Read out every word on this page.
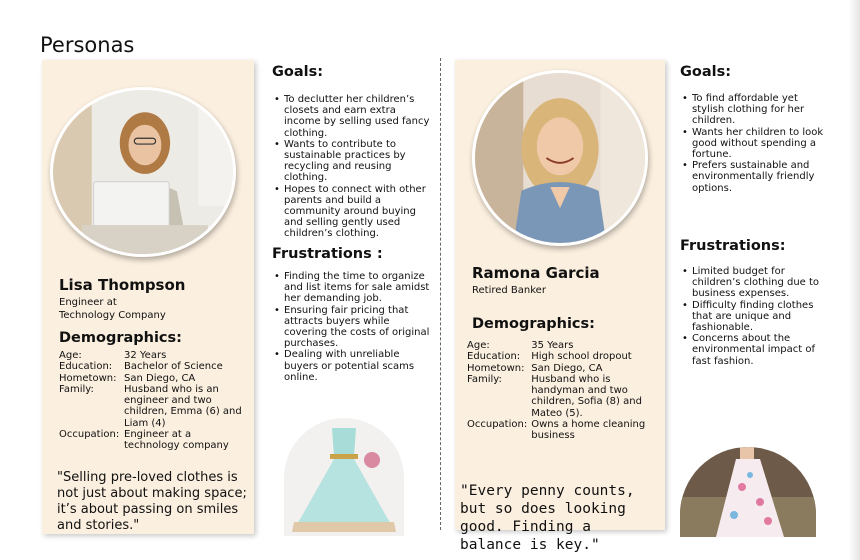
Personas
Lisa Thompson
Engineer at
Technology Company
Demographics:
Age:	32 Years
Education:	Bachelor of Science
Hometown:	San Diego, CA
Family:	Husband who is an engineer and two children, Emma (6) and Liam (4)
Occupation:	Engineer at a technology company
"Selling pre-loved clothes is not just about making space; it’s about passing on smiles and stories."
Goals:
• To declutter her children’s closets and earn extra income by selling used fancy clothing.
• Wants to contribute to sustainable practices by recycling and reusing clothing.
• Hopes to connect with other parents and build a community around buying and selling gently used children’s clothing.
Frustrations :
• Finding the time to organize and list items for sale amidst her demanding job.
• Ensuring fair pricing that attracts buyers while covering the costs of original purchases.
• Dealing with unreliable buyers or potential scams online.
Ramona Garcia
Retired Banker
Demographics:
Age:	35 Years
Education:	High school dropout
Hometown:	San Diego, CA
Family:	Husband who is handyman and two children, Sofia (8) and Mateo (5).
Occupation:	Owns a home cleaning business
"Every penny counts, but so does looking good. Finding a balance is key."
Goals:
• To find affordable yet stylish clothing for her children.
• Wants her children to look good without spending a fortune.
• Prefers sustainable and environmentally friendly options.
Frustrations:
• Limited budget for children’s clothing due to business expenses.
• Difficulty finding clothes that are unique and fashionable.
• Concerns about the environmental impact of fast fashion.
